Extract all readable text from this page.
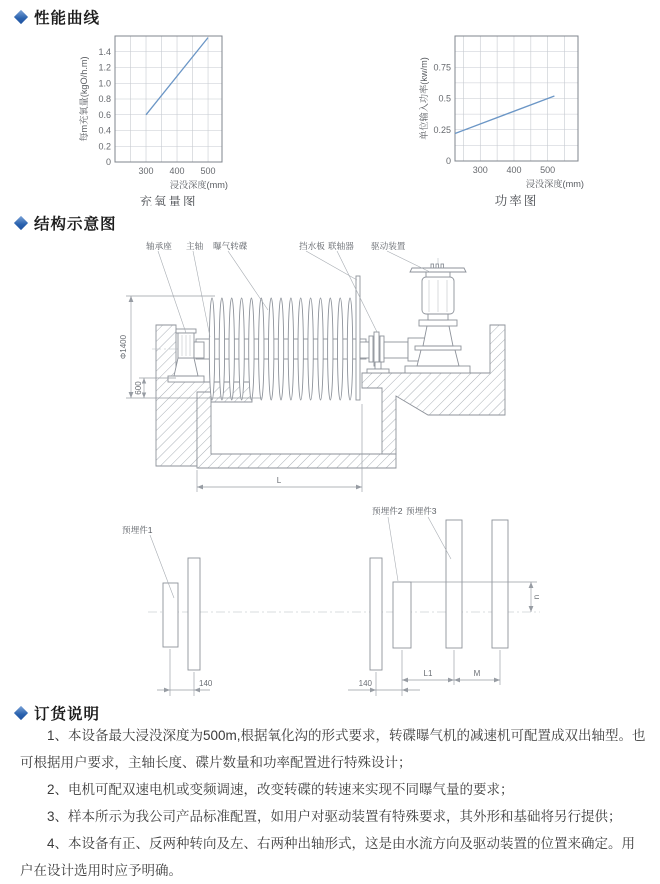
性能曲线
300 400 500
0
0.2
0.4
0.6
0.8
1.0
1.2
1.4
浸没深度(mm)
每m充氧量(kgO/h.m)
充氧量图
300 400 500
0
0.25
0.5
0.75
浸没深度(mm)
单位输入功率(kw/m)
功率图
结构示意图
轴承座 主轴 曝气转碟	挡水板 联轴器 驱动装置
Φ1400
600
L
预埋件1
预埋件2 预埋件3
140	140
L1	M
n
订货说明

1、本设备最大浸没深度为500m,根据氧化沟的形式要求，转碟曝气机的减速机可配置成双出轴型。也可根据用户要求，主轴长度、碟片数量和功率配置进行特殊设计；

2、电机可配双速电机或变频调速，改变转碟的转速来实现不同曝气量的要求；

3、样本所示为我公司产品标准配置，如用户对驱动装置有特殊要求，其外形和基础将另行提供；

4、本设备有正、反两种转向及左、右两种出轴形式，这是由水流方向及驱动装置的位置来确定。用户在设计选用时应予明确。
